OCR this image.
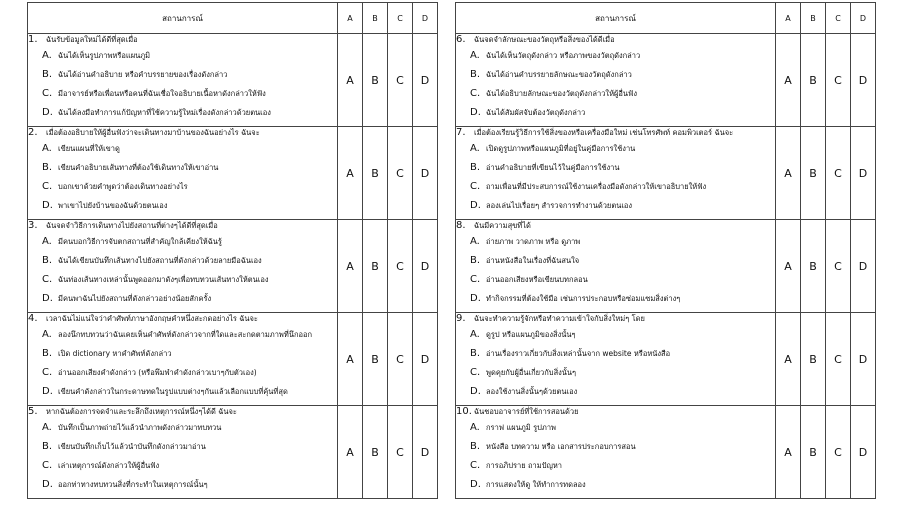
สถานการณ์	A	B	C	D

1. ฉันรับข้อมูลใหม่ได้ดีที่สุดเมื่อ
A. ฉันได้เห็นรูปภาพหรือแผนภูมิ
B. ฉันได้อ่านคำอธิบาย หรือคำบรรยายของเรื่องดังกล่าว
C. มีอาจารย์หรือเพื่อนหรือคนที่ฉันเชื่อใจอธิบายเนื้อหาดังกล่าวให้ฟัง
D. ฉันได้ลงมือทำการแก้ปัญหาที่ใช้ความรู้ใหม่เรื่องดังกล่าวด้วยตนเอง	A	B	C	D

2. เมื่อต้องอธิบายให้ผู้อื่นฟังว่าจะเดินทางมาบ้านของฉันอย่างไร ฉันจะ
A. เขียนแผนที่ให้เขาดู
B. เขียนคำอธิบายเส้นทางที่ต้องใช้เดินทางให้เขาอ่าน
C. บอกเขาด้วยคำพูดว่าต้องเดินทางอย่างไร
D. พาเขาไปยังบ้านของฉันด้วยตนเอง	A	B	C	D

3. ฉันจดจำวิธีการเดินทางไปยังสถานที่ต่างๆได้ดีที่สุดเมื่อ
A. มีคนบอกวิธีการจับตกสถานที่สำคัญใกล้เคียงให้ฉันรู้
B. ฉันได้เขียนบันทึกเส้นทางไปยังสถานที่ดังกล่าวด้วยลายมือฉันเอง
C. ฉันท่องเส้นทางเหล่านั้นพูดออกมาดังๆเพื่อทบทวนเส้นทางให้ตนเอง
D. มีคนพาฉันไปยังสถานที่ดังกล่าวอย่างน้อยสักครั้ง	A	B	C	D

4. เวลาฉันไม่แน่ใจว่าคำศัพท์ภาษาอังกฤษคำหนึ่งสะกดอย่างไร ฉันจะ
A. ลองนึกทบทวนว่าฉันเคยเห็นคำศัพท์ดังกล่าวจากที่ใดและสะกดตามภาพที่นึกออก
B. เปิด dictionary หาคำศัพท์ดังกล่าว
C. อ่านออกเสียงคำดังกล่าว (หรือพึมพำคำดังกล่าวเบาๆกับตัวเอง)
D. เขียนคำดังกล่าวในกระดาษทดในรูปแบบต่างๆกันแล้วเลือกแบบที่คุ้นที่สุด	A	B	C	D

5. หากฉันต้องการจดจำและระลึกถึงเหตุการณ์หนึ่งๆได้ดี ฉันจะ
A. บันทึกเป็นภาพถ่ายไว้แล้วนำภาพดังกล่าวมาทบทวน
B. เขียนบันทึกเก็บไว้แล้วนำบันทึกดังกล่าวมาอ่าน
C. เล่าเหตุการณ์ดังกล่าวให้ผู้อื่นฟัง
D. ออกท่าทางทบทวนสิ่งที่กระทำในเหตุการณ์นั้นๆ	A	B	C	D
สถานการณ์	A	B	C	D

6. ฉันจดจำลักษณะของวัตถุหรือสิ่งของได้ดีเมื่อ
A. ฉันได้เห็นวัตถุดังกล่าว หรือภาพของวัตถุดังกล่าว
B. ฉันได้อ่านคำบรรยายลักษณะของวัตถุดังกล่าว
C. ฉันได้อธิบายลักษณะของวัตถุดังกล่าวให้ผู้อื่นฟัง
D. ฉันได้สัมผัสจับต้องวัตถุดังกล่าว	A	B	C	D

7. เมื่อต้องเรียนรู้วิธีการใช้สิ่งของหรือเครื่องมือใหม่ เช่นโทรศัพท์ คอมพิวเตอร์ ฉันจะ
A. เปิดดูรูปภาพหรือแผนภูมิที่อยู่ในคู่มือการใช้งาน
B. อ่านคำอธิบายที่เขียนไว้ในคู่มือการใช้งาน
C. ถามเพื่อนที่มีประสบการณ์ใช้งานเครื่องมือดังกล่าวให้เขาอธิบายให้ฟัง
D. ลองเล่นไปเรื่อยๆ สำรวจการทำงานด้วยตนเอง	A	B	C	D

8. ฉันมีความสุขที่ได้
A. ถ่ายภาพ วาดภาพ หรือ ดูภาพ
B. อ่านหนังสือในเรื่องที่ฉันสนใจ
C. อ่านออกเสียงหรือเขียนบทกลอน
D. ทำกิจกรรมที่ต้องใช้มือ เช่นการประกอบหรือซ่อมแซมสิ่งต่างๆ	A	B	C	D

9. ฉันจะทำความรู้จักหรือทำความเข้าใจกับสิ่งใหม่ๆ โดย
A. ดูรูป หรือแผนภูมิของสิ่งนั้นๆ
B. อ่านเรื่องราวเกี่ยวกับสิ่งเหล่านั้นจาก website หรือหนังสือ
C. พูดคุยกับผู้อื่นเกี่ยวกับสิ่งนั้นๆ
D. ลองใช้งานสิ่งนั้นๆด้วยตนเอง	A	B	C	D

10. ฉันชอบอาจารย์ที่ใช้การสอนด้วย
A. กราฟ แผนภูมิ รูปภาพ
B. หนังสือ บทความ หรือ เอกสารประกอบการสอน
C. การอภิปราย ถามปัญหา
D. การแสดงให้ดู ให้ทำการทดลอง	A	B	C	D
